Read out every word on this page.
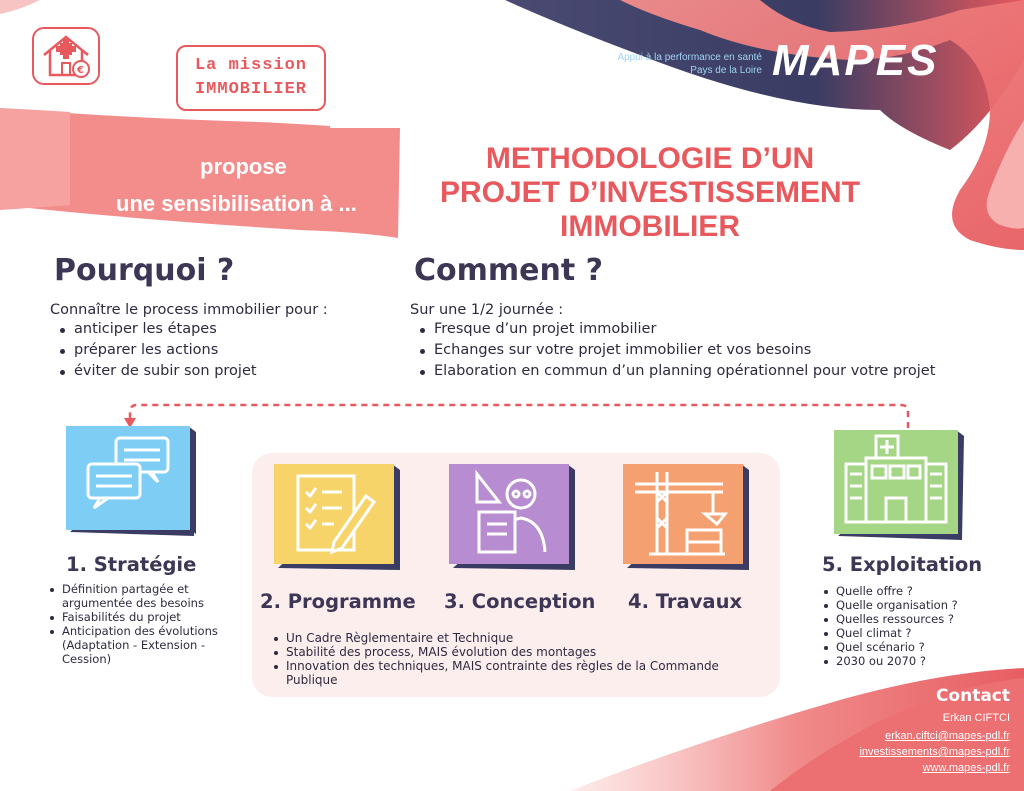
€	La mission
IMMOBILIER
Appui à la performance en santé
Pays de la Loire MAPES
propose
une sensibilisation à ...
METHODOLOGIE D’UN
PROJET D’INVESTISSEMENT
IMMOBILIER
Pourquoi ?
Connaître le process immobilier pour :
anticiper les étapes
préparer les actions
éviter de subir son projet
Comment ?
Sur une 1/2 journée :
Fresque d’un projet immobilier
Echanges sur votre projet immobilier et vos besoins
Elaboration en commun d’un planning opérationnel pour votre projet
1. Stratégie
Définition partagée et argumentée des besoins
Faisabilités du projet
Anticipation des évolutions (Adaptation - Extension - Cession)
2. Programme 3. Conception 4. Travaux
Un Cadre Règlementaire et Technique
Stabilité des process, MAIS évolution des montages
Innovation des techniques, MAIS contrainte des règles de la Commande Publique
5. Exploitation
Quelle offre ?
Quelle organisation ?
Quelles ressources ?
Quel climat ?
Quel scénario ?
2030 ou 2070 ?
Contact
Erkan CIFTCI
erkan.ciftci@mapes-pdl.fr
investissements@mapes-pdl.fr
www.mapes-pdl.fr
